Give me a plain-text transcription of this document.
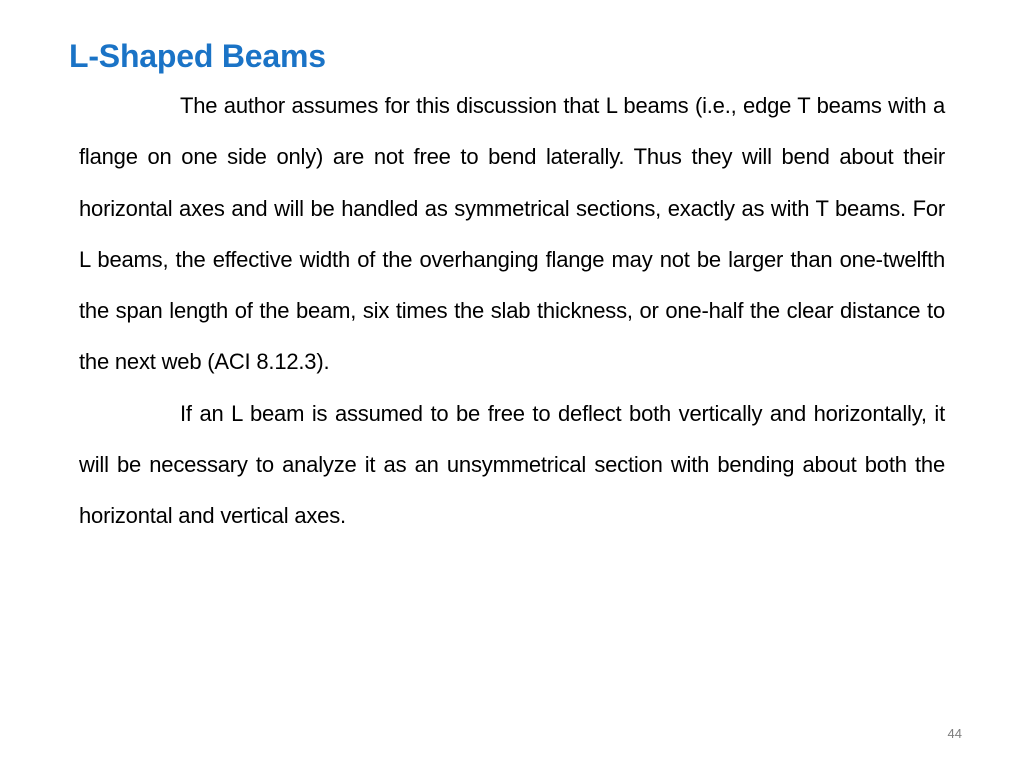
L-Shaped Beams

The author assumes for this discussion that L beams (i.e., edge T beams with a flange on one side only) are not free to bend laterally. Thus they will bend about their horizontal axes and will be handled as symmetrical sections, exactly as with T beams. For L beams, the effective width of the overhanging flange may not be larger than one-twelfth the span length of the beam, six times the slab thickness, or one-half the clear distance to the next web (ACI 8.12.3).

If an L beam is assumed to be free to deflect both vertically and horizontally, it will be necessary to analyze it as an unsymmetrical section with bending about both the horizontal and vertical axes.

44
